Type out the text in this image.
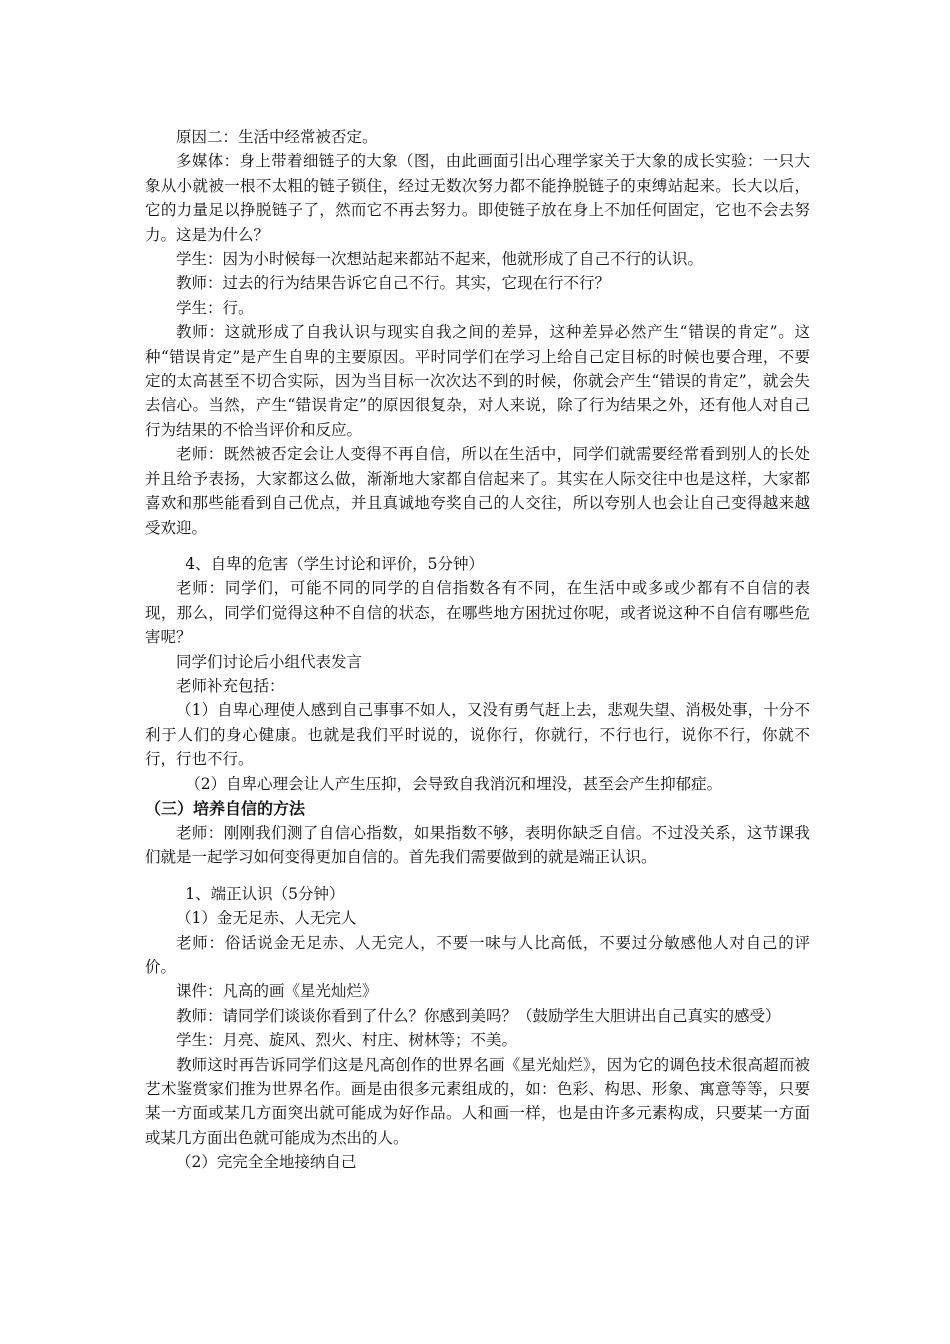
原因二：生活中经常被否定。

多媒体：身上带着细链子的大象（图，由此画面引出心理学家关于大象的成长实验：一只大象从小就被一根不太粗的链子锁住，经过无数次努力都不能挣脱链子的束缚站起来。长大以后，它的力量足以挣脱链子了，然而它不再去努力。即使链子放在身上不加任何固定，它也不会去努力。这是为什么？

学生：因为小时候每一次想站起来都站不起来，他就形成了自己不行的认识。

教师：过去的行为结果告诉它自己不行。其实，它现在行不行？

学生：行。

教师：这就形成了自我认识与现实自我之间的差异，这种差异必然产生“错误的肯定”。这种“错误肯定”是产生自卑的主要原因。平时同学们在学习上给自己定目标的时候也要合理，不要定的太高甚至不切合实际，因为当目标一次次达不到的时候，你就会产生“错误的肯定”，就会失去信心。当然，产生“错误肯定”的原因很复杂，对人来说，除了行为结果之外，还有他人对自己行为结果的不恰当评价和反应。

老师：既然被否定会让人变得不再自信，所以在生活中，同学们就需要经常看到别人的长处并且给予表扬，大家都这么做，渐渐地大家都自信起来了。其实在人际交往中也是这样，大家都喜欢和那些能看到自己优点，并且真诚地夸奖自己的人交往，所以夸别人也会让自己变得越来越受欢迎。

4、自卑的危害（学生讨论和评价，5分钟）

老师：同学们，可能不同的同学的自信指数各有不同，在生活中或多或少都有不自信的表现，那么，同学们觉得这种不自信的状态，在哪些地方困扰过你呢，或者说这种不自信有哪些危害呢？

同学们讨论后小组代表发言

老师补充包括：

（1）自卑心理使人感到自己事事不如人，又没有勇气赶上去，悲观失望、消极处事，十分不利于人们的身心健康。也就是我们平时说的，说你行，你就行，不行也行，说你不行，你就不行，行也不行。

（2）自卑心理会让人产生压抑，会导致自我消沉和埋没，甚至会产生抑郁症。

（三）培养自信的方法

老师：刚刚我们测了自信心指数，如果指数不够，表明你缺乏自信。不过没关系，这节课我们就是一起学习如何变得更加自信的。首先我们需要做到的就是端正认识。

1、端正认识（5分钟）

（1）金无足赤、人无完人

老师：俗话说金无足赤、人无完人，不要一味与人比高低，不要过分敏感他人对自己的评价。

课件：凡高的画《星光灿烂》

教师：请同学们谈谈你看到了什么？你感到美吗？（鼓励学生大胆讲出自己真实的感受）

学生：月亮、旋风、烈火、村庄、树林等；不美。

教师这时再告诉同学们这是凡高创作的世界名画《星光灿烂》，因为它的调色技术很高超而被艺术鉴赏家们推为世界名作。画是由很多元素组成的，如：色彩、构思、形象、寓意等等，只要某一方面或某几方面突出就可能成为好作品。人和画一样，也是由许多元素构成，只要某一方面或某几方面出色就可能成为杰出的人。

（2）完完全全地接纳自己
